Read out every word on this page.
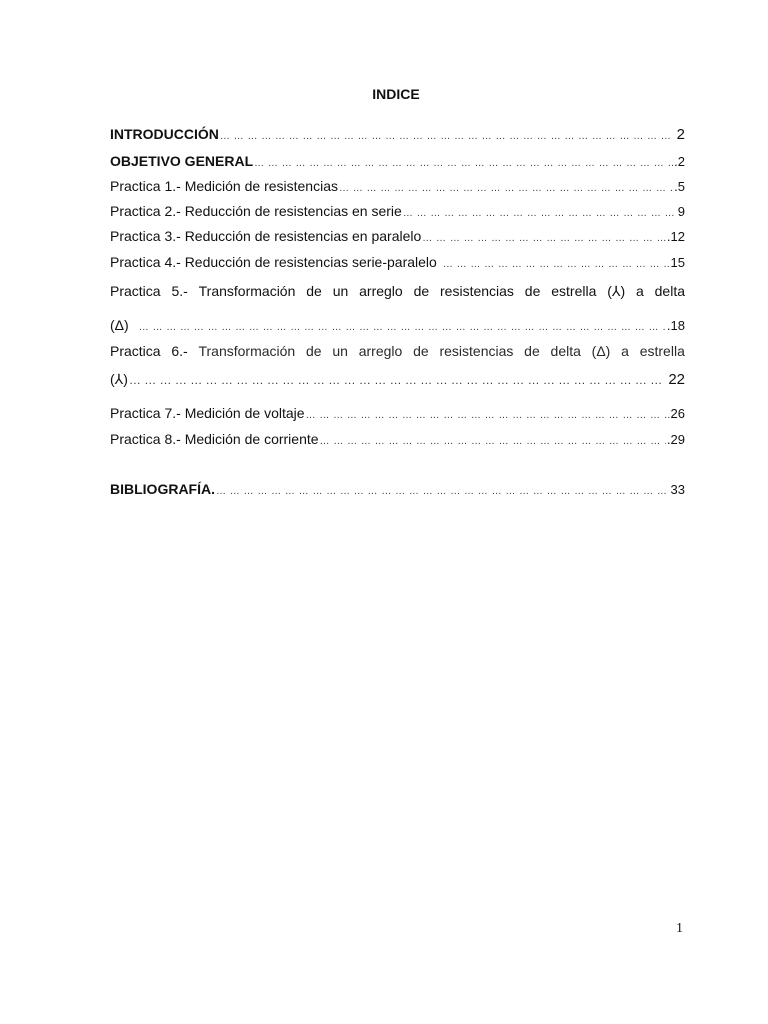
INDICE
INTRODUCCIÓN … … … … … … … … … … … … … … … … … … … … … … … … … … … … … … … … … … … … … … … … … … … … … … … … … … … … … … … … … … … … … … … … … … … … … … … … … … … … … … … … … …	2
OBJETIVO GENERAL … … … … … … … … … … … … … … … … … … … … … … … … … … … … … … … … … … … … … … … … … … … … … … … … … … … … … … … … … … … … … … … … … … … … … … … … … … … … … … … … … …	.2
Practica 1.- Medición de resistencias … … … … … … … … … … … … … … … … … … … … … … … … … … … … … … … … … … … … … … … … … … … … … … … … … … … … … … … … … … … … … … … … … … … … … … … … … … … … … … … … … …	.5
Practica 2.- Reducción de resistencias en serie … … … … … … … … … … … … … … … … … … … … … … … … … … … … … … … … … … … … … … … … … … … … … … … … … … … … … … … … … … … … … … … … … … … … … … … … … … … … … … … … … …	9
Practica 3.- Reducción de resistencias en paralelo … … … … … … … … … … … … … … … … … … … … … … … … … … … … … … … … … … … … … … … … … … … … … … … … … … … … … … … … … … … … … … … … … … … … … … … … … … … … … … … … … …	.12
Practica 4.- Reducción de resistencias serie-paralelo … … … … … … … … … … … … … … … … … … … … … … … … … … … … … … … … … … … … … … … … … … … … … … … … … … … … … … … … … … … … … … … … … … … … … … … … … … … … … … … … … …	15
Practica 5.- Transformación de un arreglo de resistencias de estrella (⅄) a delta
(Δ) … … … … … … … … … … … … … … … … … … … … … … … … … … … … … … … … … … … … … … … … … … … … … … … … … … … … … … … … … … … … … … … … … … … … … … … … … … … … … … … … … …	.18
Practica 6.- Transformación de un arreglo de resistencias de delta (Δ) a estrella
(⅄) … … … … … … … … … … … … … … … … … … … … … … … … … … … … … … … … … … … … … … … … … … … … … … … … … … … … … … … … … … … … … … … … … … … … … … … … … … … … … … … … … …	22
Practica 7.- Medición de voltaje … … … … … … … … … … … … … … … … … … … … … … … … … … … … … … … … … … … … … … … … … … … … … … … … … … … … … … … … … … … … … … … … … … … … … … … … … … … … … … … … … …	26
Practica 8.- Medición de corriente … … … … … … … … … … … … … … … … … … … … … … … … … … … … … … … … … … … … … … … … … … … … … … … … … … … … … … … … … … … … … … … … … … … … … … … … … … … … … … … … … …	.29
BIBLIOGRAFÍA. … … … … … … … … … … … … … … … … … … … … … … … … … … … … … … … … … … … … … … … … … … … … … … … … … … … … … … … … … … … … … … … … … … … … … … … … … … … … … … … … … …	33
1
